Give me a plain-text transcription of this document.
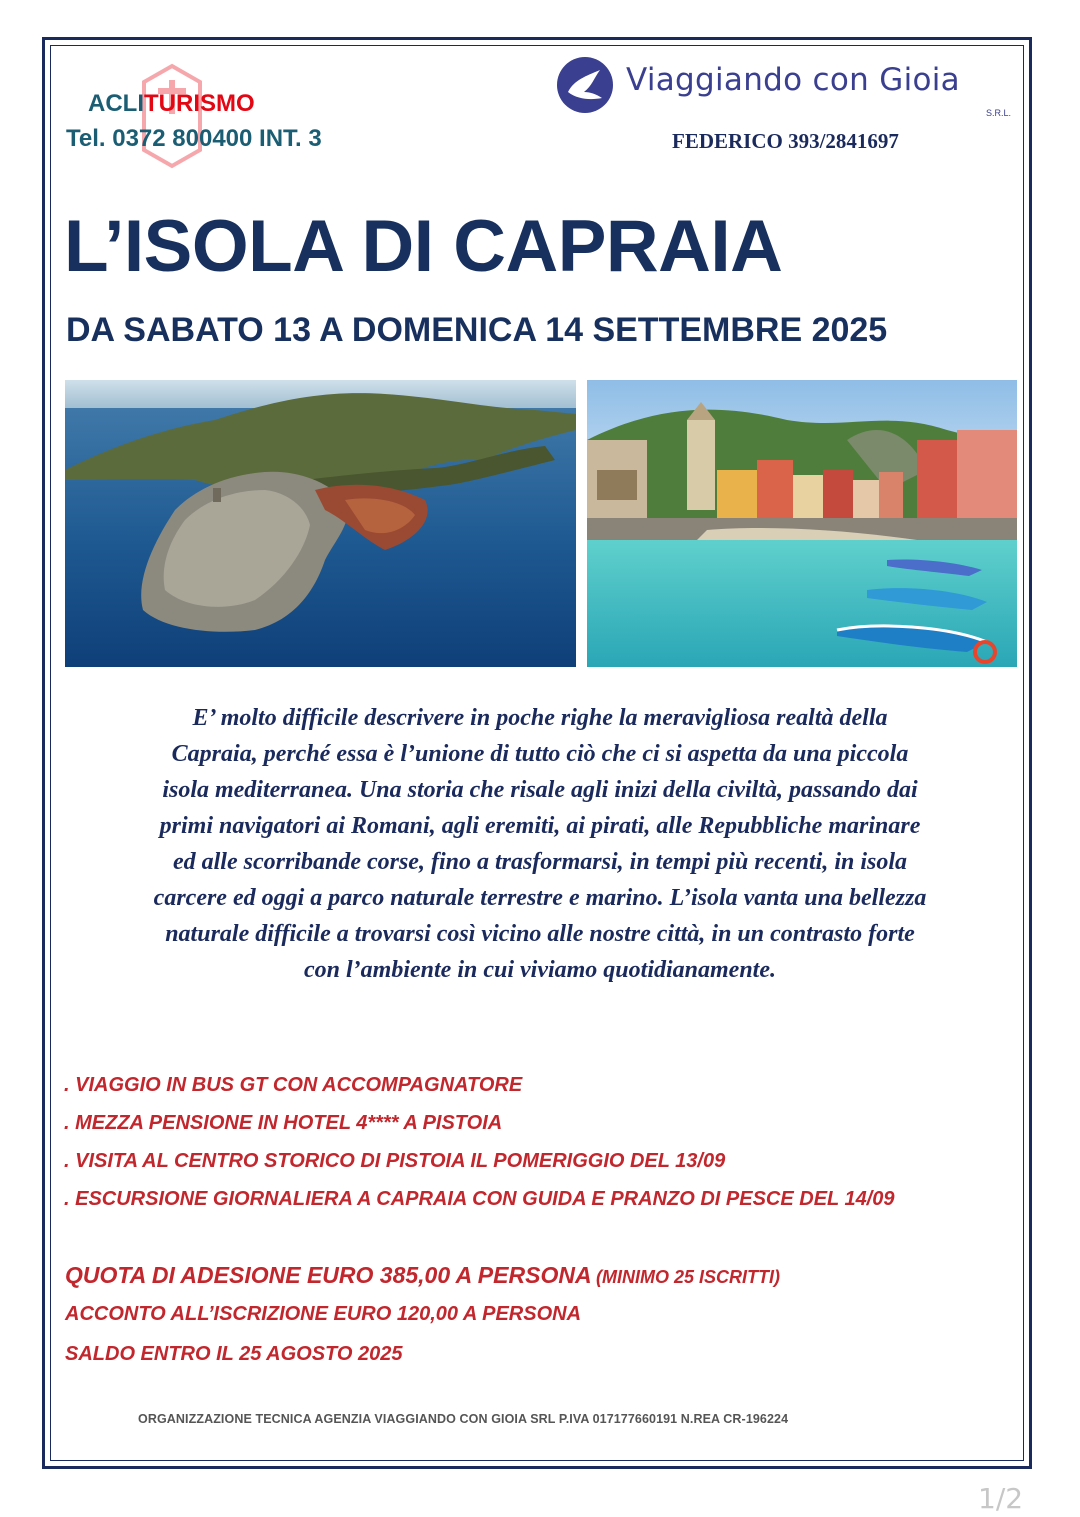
ACLITURISMO
Tel. 0372 800400 INT. 3
Viaggiando con Gioia
S.R.L.
FEDERICO 393/2841697
L’ISOLA DI CAPRAIA
DA SABATO 13 A DOMENICA 14 SETTEMBRE 2025

E’ molto difficile descrivere in poche righe la meravigliosa realtà della
Capraia, perché essa è l’unione di tutto ciò che ci si aspetta da una piccola
isola mediterranea. Una storia che risale agli inizi della civiltà, passando dai
primi navigatori ai Romani, agli eremiti, ai pirati, alle Repubbliche marinare
ed alle scorribande corse, fino a trasformarsi, in tempi più recenti, in isola
carcere ed oggi a parco naturale terrestre e marino. L’isola vanta una bellezza
naturale difficile a trovarsi così vicino alle nostre città, in un contrasto forte
con l’ambiente in cui viviamo quotidianamente.

. VIAGGIO IN BUS GT CON ACCOMPAGNATORE
. MEZZA PENSIONE IN HOTEL 4**** A PISTOIA
. VISITA AL CENTRO STORICO DI PISTOIA IL POMERIGGIO DEL 13/09
. ESCURSIONE GIORNALIERA A CAPRAIA CON GUIDA E PRANZO DI PESCE DEL 14/09
QUOTA DI ADESIONE EURO 385,00 A PERSONA (MINIMO 25 ISCRITTI)
ACCONTO ALL’ISCRIZIONE EURO 120,00 A PERSONA
SALDO ENTRO IL 25 AGOSTO 2025
ORGANIZZAZIONE TECNICA AGENZIA VIAGGIANDO CON GIOIA SRL P.IVA 017177660191 N.REA CR-196224
1/2
